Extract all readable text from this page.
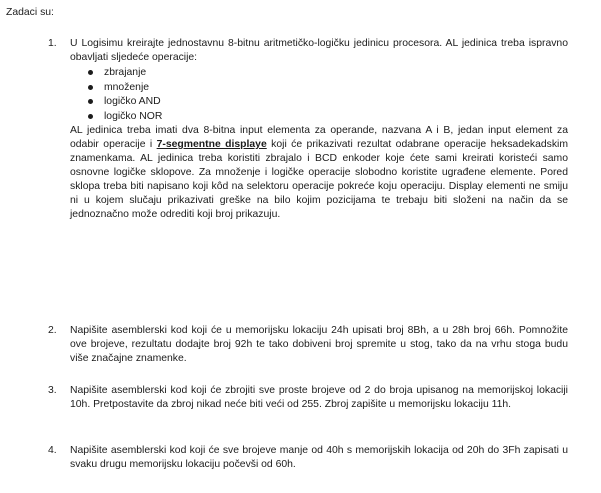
Zadaci su:
1.	U Logisimu kreirajte jednostavnu 8-bitnu aritmetičko-logičku jedinicu procesora. AL jedinica treba ispravno obavljati sljedeće operacije:

zbrajanje
množenje
logičko AND
logičko NOR

AL jedinica treba imati dva 8-bitna input elementa za operande, nazvana A i B, jedan input element za odabir operacije i 7-segmentne displaye koji će prikazivati rezultat odabrane operacije heksadekadskim znamenkama. AL jedinica treba koristiti zbrajalo i BCD enkoder koje ćete sami kreirati koristeći samo osnovne logičke sklopove. Za množenje i logičke operacije slobodno koristite ugrađene elemente. Pored sklopa treba biti napisano koji kôd na selektoru operacije pokreće koju operaciju. Display elementi ne smiju ni u kojem slučaju prikazivati greške na bilo kojim pozicijama te trebaju biti složeni na način da se jednoznačno može odrediti koji broj prikazuju.

2.	Napišite asemblerski kod koji će u memorijsku lokaciju 24h upisati broj 8Bh, a u 28h broj 66h. Pomnožite ove brojeve, rezultatu dodajte broj 92h te tako dobiveni broj spremite u stog, tako da na vrhu stoga budu više značajne znamenke.
3.	Napišite asemblerski kod koji će zbrojiti sve proste brojeve od 2 do broja upisanog na memorijskoj lokaciji 10h. Pretpostavite da zbroj nikad neće biti veći od 255. Zbroj zapišite u memorijsku lokaciju 11h.
4.	Napišite asemblerski kod koji će sve brojeve manje od 40h s memorijskih lokacija od 20h do 3Fh zapisati u svaku drugu memorijsku lokaciju počevši od 60h.
